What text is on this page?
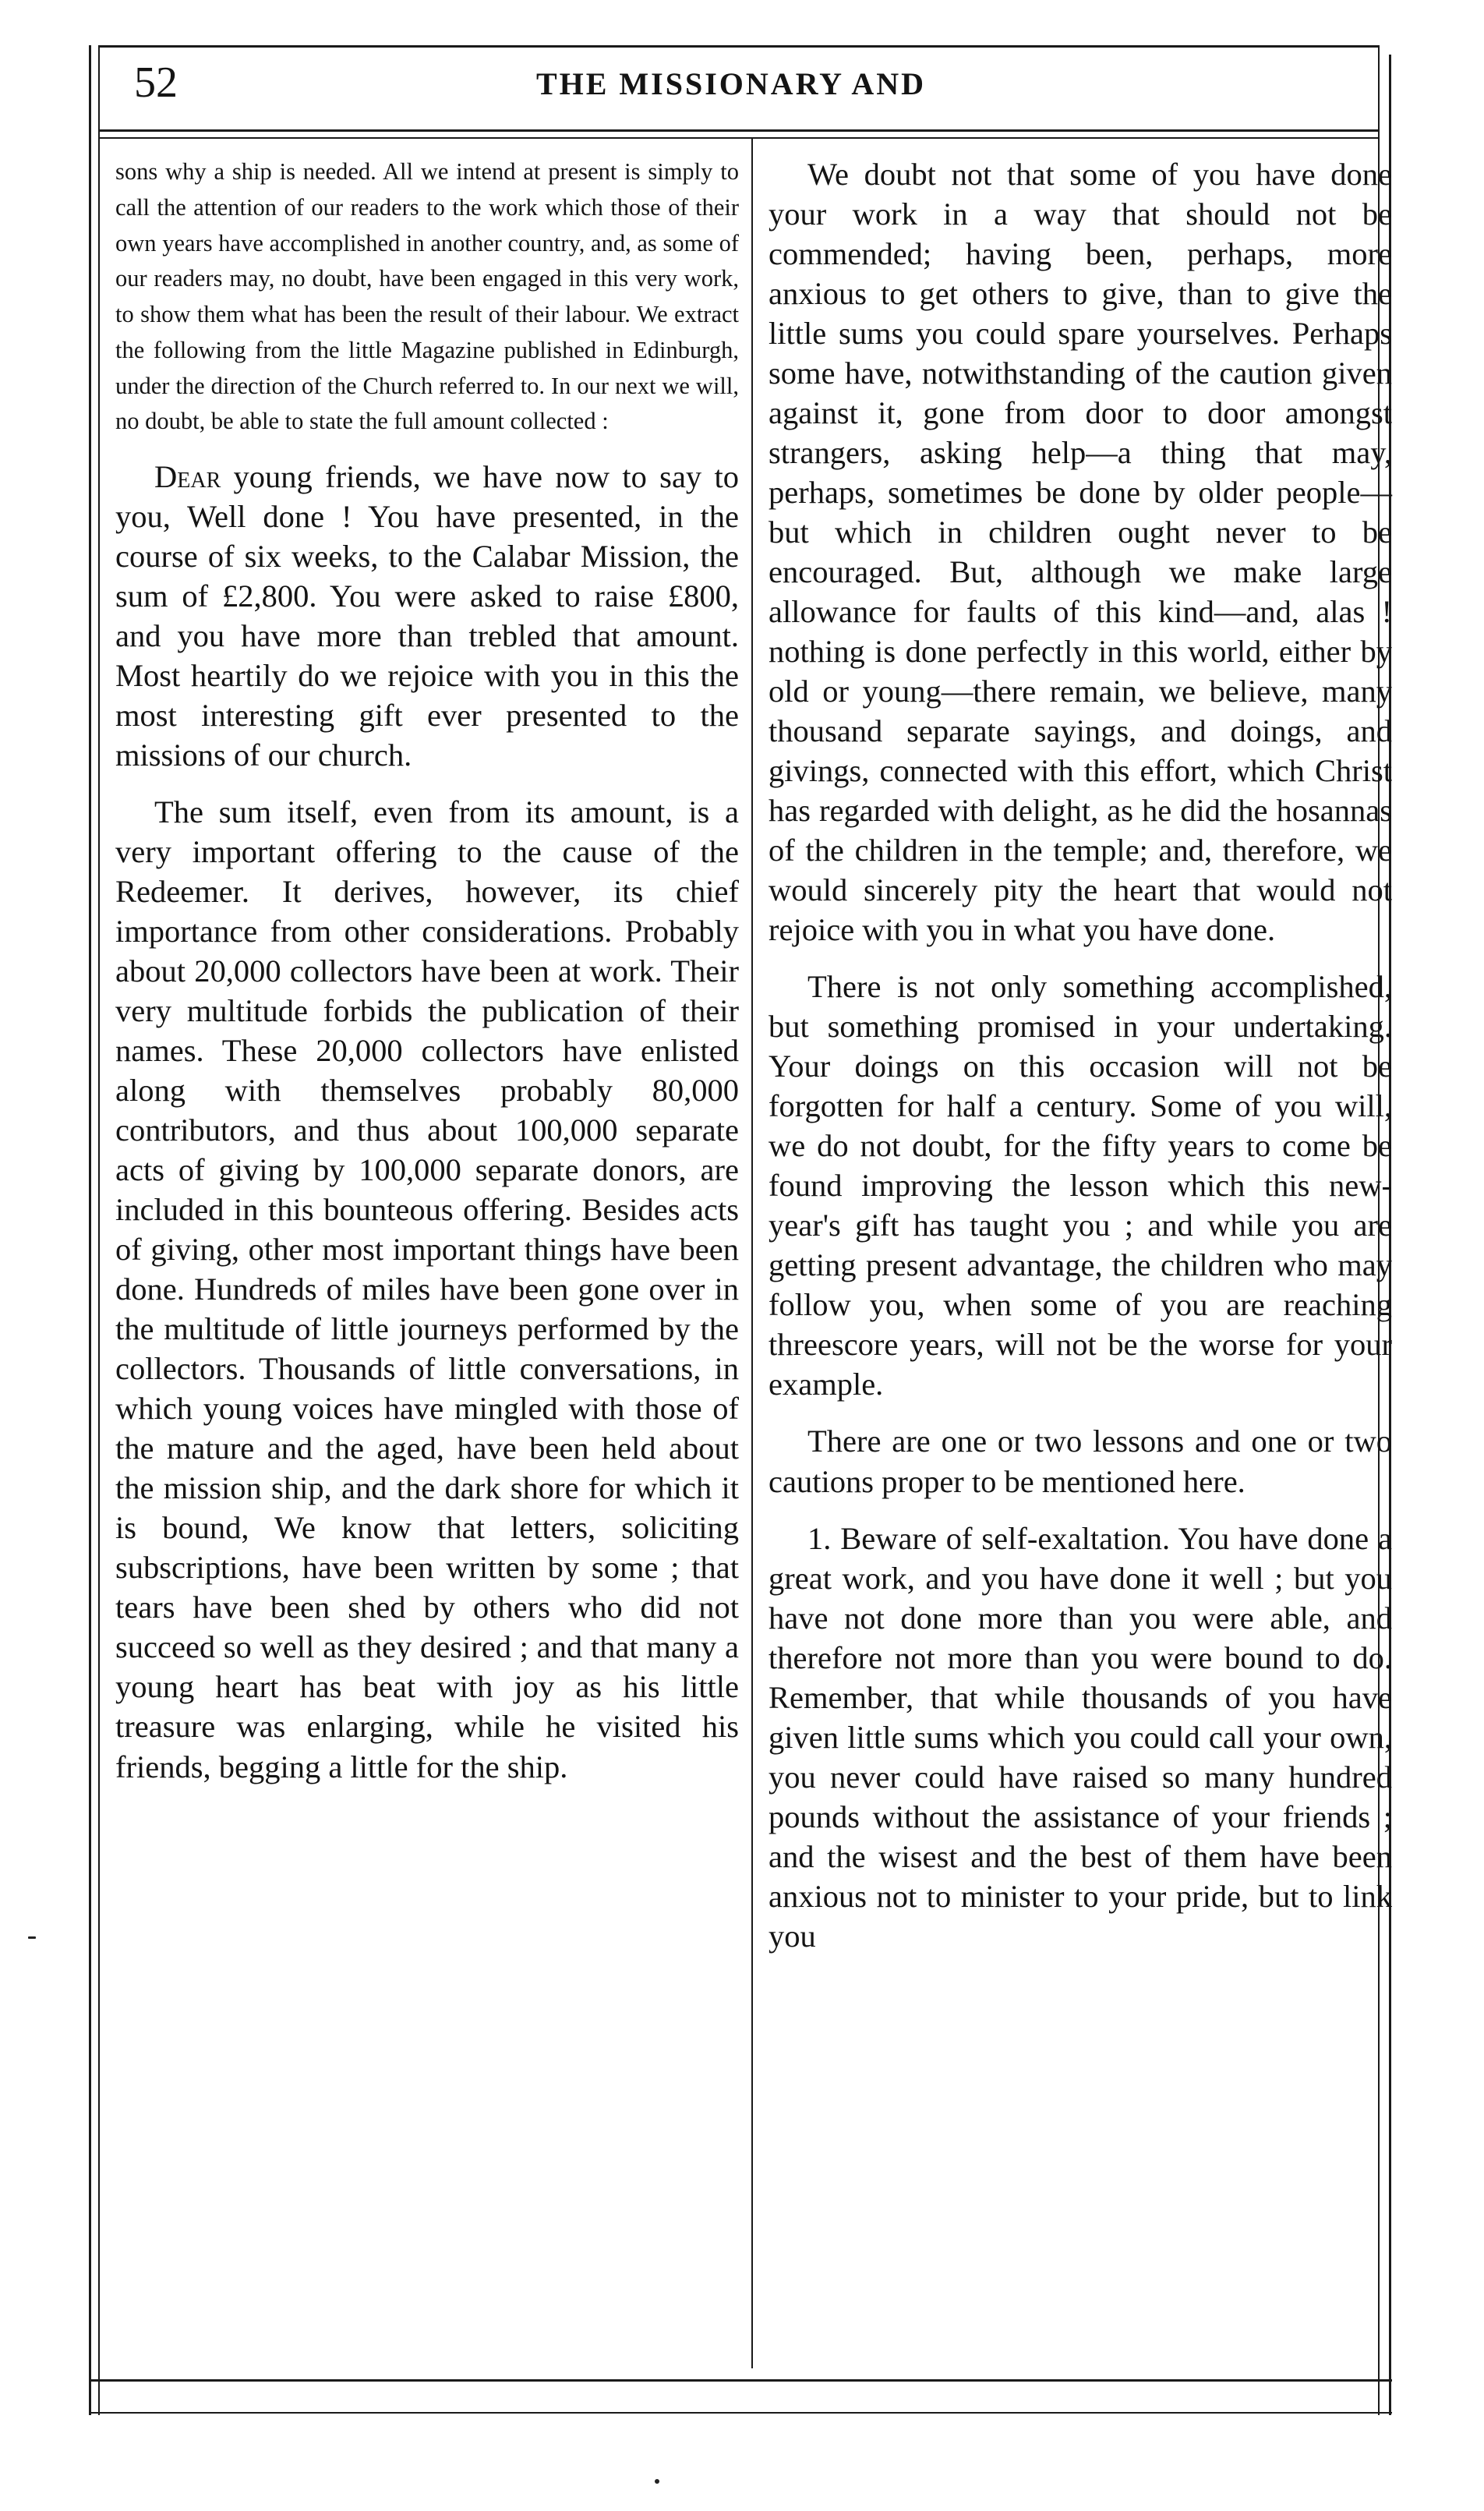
52	THE MISSIONARY AND

sons why a ship is needed. All we intend at present is simply to call the attention of our readers to the work which those of their own years have accomplished in another country, and, as some of our readers may, no doubt, have been engaged in this very work, to show them what has been the result of their labour. We extract the following from the little Magazine published in Edinburgh, under the direction of the Church referred to. In our next we will, no doubt, be able to state the full amount collected :

Dear young friends, we have now to say to you, Well done ! You have presented, in the course of six weeks, to the Calabar Mission, the sum of £2,800. You were asked to raise £800, and you have more than trebled that amount. Most heartily do we rejoice with you in this the most interesting gift ever presented to the missions of our church.

The sum itself, even from its amount, is a very important offering to the cause of the Redeemer. It derives, however, its chief importance from other considerations. Probably about 20,000 collectors have been at work. Their very multitude forbids the publication of their names. These 20,000 collectors have enlisted along with themselves probably 80,000 contributors, and thus about 100,000 separate acts of giving by 100,000 separate donors, are included in this bounteous offering. Besides acts of giving, other most important things have been done. Hundreds of miles have been gone over in the multitude of little journeys performed by the collectors. Thousands of little conversations, in which young voices have mingled with those of the mature and the aged, have been held about the mission ship, and the dark shore for which it is bound, We know that letters, soliciting subscriptions, have been written by some ; that tears have been shed by others who did not succeed so well as they desired ; and that many a young heart has beat with joy as his little treasure was enlarging, while he visited his friends, begging a little for the ship.

We doubt not that some of you have done your work in a way that should not be commended; having been, perhaps, more anxious to get others to give, than to give the little sums you could spare yourselves. Perhaps some have, notwithstanding of the caution given against it, gone from door to door amongst strangers, asking help—a thing that may, perhaps, sometimes be done by older people—but which in children ought never to be encouraged. But, although we make large allowance for faults of this kind—and, alas ! nothing is done perfectly in this world, either by old or young—there remain, we believe, many thousand separate sayings, and doings, and givings, connected with this effort, which Christ has regarded with delight, as he did the hosannas of the children in the temple; and, therefore, we would sincerely pity the heart that would not rejoice with you in what you have done.

There is not only something accomplished, but something promised in your undertaking. Your doings on this occasion will not be forgotten for half a century. Some of you will, we do not doubt, for the fifty years to come be found improving the lesson which this new-year's gift has taught you ; and while you are getting present advantage, the children who may follow you, when some of you are reaching threescore years, will not be the worse for your example.

There are one or two lessons and one or two cautions proper to be mentioned here.

1. Beware of self-exaltation. You have done a great work, and you have done it well ; but you have not done more than you were able, and therefore not more than you were bound to do. Remember, that while thousands of you have given little sums which you could call your own, you never could have raised so many hundred pounds without the assistance of your friends ; and the wisest and the best of them have been anxious not to minister to your pride, but to link you
